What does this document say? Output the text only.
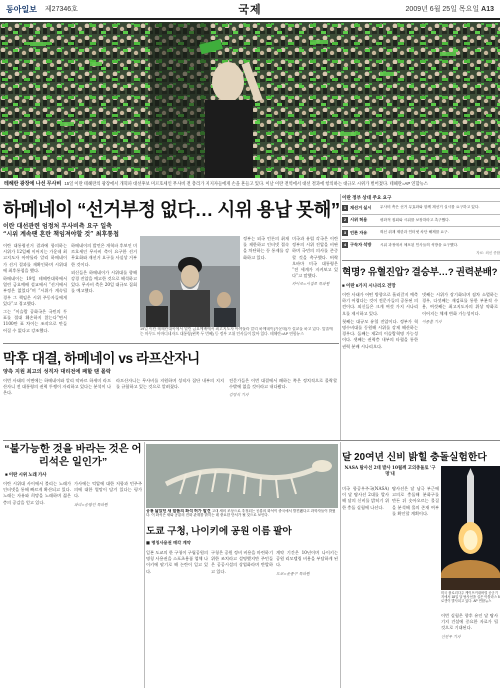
동아일보 제27346호	국제	2009년 6월 25일 목요일 A13
테헤란 광장에 나선 무사비 15일 이란 테헤란의 광장에서 개혁파 대선후보 미르호세인 무사비 전 총리가 지지자들에게 손을 흔들고 있다. 이날 이란 전역에서 대선 결과에 항의하는 대규모 시위가 벌어졌다. 테헤란=AP 연합뉴스
하메네이 “선거부정 없다… 시위 용납 못해”
이란 대선관련 엄정처 무사비측 요구 일축
“시위 계속땐 혼란 책임져야할 것” 최후통첩

이란 대통령선거 결과에 항의하는 시위가 12일째 이어지는 가운데 최고지도자 아야톨라 알리 하메네이가 선거 결과를 재확인하며 시위대에 최후통첩을 했다.

하메네이는 19일 테헤란대학에서 열린 금요예배 설교에서 “선거에서 부정은 없었다”며 “시위가 계속될 경우 그 책임은 시위 주동자들에게 있다”고 경고했다.

그는 “이슬람 공화국은 국민의 투표를 절대 훼손하지 않는다”면서 1100만 표 차이는 조작으로 만들어질 수 없다고 강조했다.

하메네이의 발언은 개혁파 후보인 미르호세인 무사비 측이 요구한 선거 무효화와 재선거 요구를 사실상 거부한 것이다.

외신들은 하메네이가 시위대를 향해 강경 진압을 예고한 것으로 해석하고 있다. 무사비 측은 20일 대규모 집회를 예고했다.

정부는 외국 언론의 취재를 제한하고 인터넷 접속을 차단하는 등 통제를 강화하고 있다.

미국과 유럽 각국은 이란 정부의 시위 진압을 비판하며 국민의 의사를 존중할 것을 촉구했다. 버락 오바마 미국 대통령은 “전 세계가 지켜보고 있다”고 말했다.

카이로=서정보 특파원

19일 이란 테헤란대학에서 열린 금요예배에서 최고지도자 아야톨라 알리 하메네이(가운데)가 설교를 하고 있다. 앞줄에는 마무드 아마디네자드 대통령(왼쪽 두 번째) 등 정부 고위 인사들이 앉아 있다. 테헤란=AP 연합뉴스
이란 정부 상대 주요 요구
1 재선거 실시	무사비 측은 선거 무효화와 함께 재선거 실시를 요구하고 있다.
2 시위 허용	평화적 집회와 시위를 보장하라고 촉구했다.
3 언론 자유	외신 취재 제한과 인터넷 차단 해제를 요구.
4 구속자 석방	시위 과정에서 체포된 인사들의 석방을 요구했다.
자료: 외신 종합
혁명? 유혈진압? 결승부…? 권력분배?
■ 이란 6가지 시나리오 전망

이란 사태가 어떤 방향으로 흘러갈지 예측하기 어렵다는 것이 전문가들의 공통된 의견이다. 외신들은 크게 여섯 가지 시나리오를 제시하고 있다.

첫째는 대규모 유혈 진압이다. 정부가 혁명수비대를 동원해 시위를 강제 해산하는 경우다. 둘째는 제2의 이슬람혁명 가능성이다. 셋째는 권력층 내부의 타협을 통한 권력 분배 시나리오다.

넷째는 시위가 장기화되며 점차 소멸하는 경우, 다섯째는 재검표를 통한 부분적 수용, 여섯째는 최고지도자의 위상 약화로 이어지는 체제 변화 가능성이다.

이종훈 기자

막후 대결, 하메네이 vs 라프산자니
양측 지원 최고의 성직자 대리전에 패할 땐 몰락

이번 사태의 이면에는 하메네이와 알리 악바르 하셰미 라프산자니 전 대통령의 권력 투쟁이 자리하고 있다는 분석이 나온다.

라프산자니는 무사비를 지원하며 성직자 집단 내부의 지지를 규합하고 있는 것으로 알려졌다.

전문가들은 이번 대결에서 패하는 쪽은 정치적으로 몰락할 수밖에 없을 것이라고 내다봤다.

김영식 기자

“불가능한 것을 바라는 것은 어리석은 일인가”
■ 이란 시위 노래 가사

이란 시위대 사이에서 불리는 노래가 인터넷을 통해 빠르게 확산되고 있다. 노래는 자유와 희망을 노래하며 젊은층의 공감을 얻고 있다.

가사에는 억압에 대한 저항과 민주주의에 대한 열망이 담겨 있다는 평가다.

파리=송평인 특파원

공룡 닮았던 새 발톱의 화석 허가 발견 고대 새의 조상으로 추정되는 공룡의 화석이 중국에서 발견됐다고 과학자들이 밝혔다. 이 화석은 새와 공룡의 진화 관계를 밝히는 데 중요한 단서가 될 것으로 보인다.
도쿄 구청, 나이키에 공원 이름 팔아
■ 명칭사용권 매각 계약

일본 도쿄의 한 구청이 구립공원의 명칭 사용권을 스포츠용품 업체 나이키에 팔기로 해 논란이 일고 있다.

구청은 공원 정비 비용을 마련하기 위한 조치라고 설명했지만 주민들은 공공시설의 상업화라며 반발하고 있다.

계약 기간은 10년이며 나이키는 공원 리모델링 비용을 부담하게 된다.

도쿄=윤종구 특파원

달 20여년 신비 밝힐 충돌실험한다
NASA 탐사선 2대 발사 10월께 고의충돌로 '구멍'내

미국 항공우주국(NASA)이 달 탐사선 2대를 발사해 달의 신비를 밝히기 위한 충돌 실험에 나선다.

탐사선은 달 남극 부근에 고의로 충돌해 분화구를 만든 뒤 솟아오르는 물질을 분석해 물의 존재 여부를 확인할 계획이다.

이번 실험은 향후 유인 달 탐사 기지 건설에 중요한 자료가 될 것으로 기대된다.

신진우 기자

미국 플로리다주 케이프커내버럴 공군기지에서 18일 달 탐사선을 실은 아틀라스 5 로켓이 발사되고 있다. AP 연합뉴스
